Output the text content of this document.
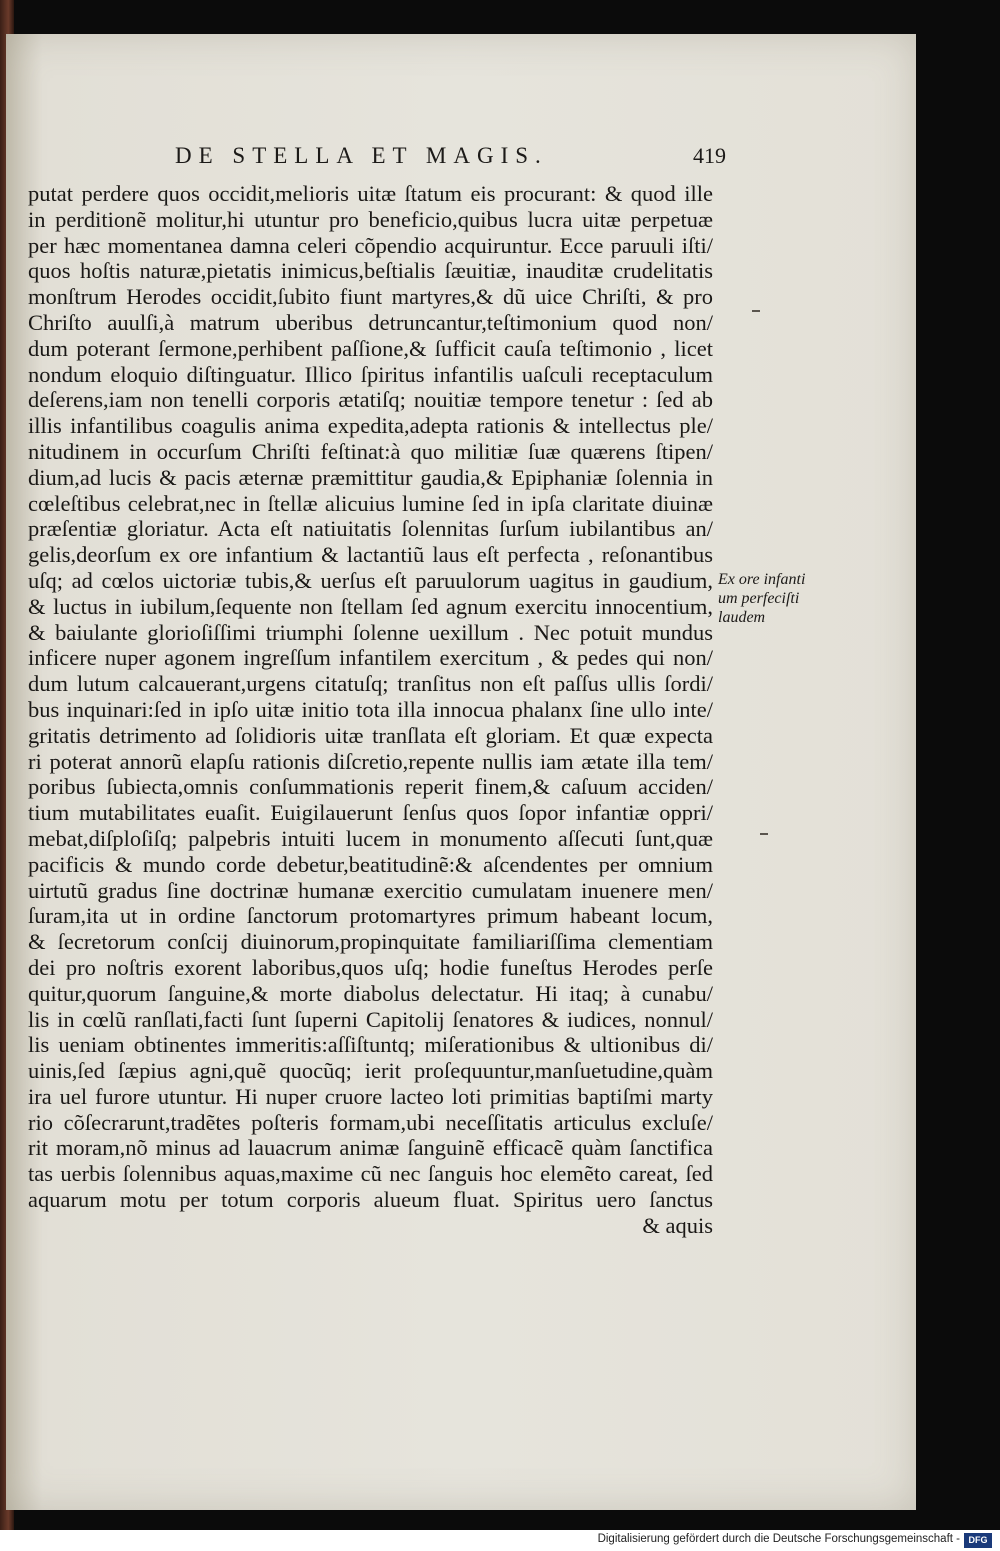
DE STELLA ET MAGIS.	419
putat perdere quos occidit,melioris uitæ ſtatum eis procurant: & quod ille
in perditionẽ molitur,hi utuntur pro beneficio,quibus lucra uitæ perpetuæ
per hæc momentanea damna celeri cõpendio acquiruntur. Ecce paruuli iſti/
quos hoſtis naturæ,pietatis inimicus,beſtialis ſæuitiæ, inauditæ crudelitatis
monſtrum Herodes occidit,ſubito fiunt martyres,& dũ uice Chriſti, & pro
Chriſto auulſi,à matrum uberibus detruncantur,teſtimonium quod non/
dum poterant ſermone,perhibent paſſione,& ſufficit cauſa teſtimonio , licet
nondum eloquio diſtinguatur. Illico ſpiritus infantilis uaſculi receptaculum
deſerens,iam non tenelli corporis ætatiſq; nouitiæ tempore tenetur : ſed ab
illis infantilibus coagulis anima expedita,adepta rationis & intellectus ple/
nitudinem in occurſum Chriſti feſtinat:à quo militiæ ſuæ quærens ſtipen/
dium,ad lucis & pacis æternæ præmittitur gaudia,& Epiphaniæ ſolennia in
cœleſtibus celebrat,nec in ſtellæ alicuius lumine ſed in ipſa claritate diuinæ
præſentiæ gloriatur. Acta eſt natiuitatis ſolennitas ſurſum iubilantibus an/
gelis,deorſum ex ore infantium & lactantiũ laus eſt perfecta , reſonantibus
uſq; ad cœlos uictoriæ tubis,& uerſus eſt paruulorum uagitus in gaudium,
& luctus in iubilum,ſequente non ſtellam ſed agnum exercitu innocentium,
& baiulante glorioſiſſimi triumphi ſolenne uexillum . Nec potuit mundus
inficere nuper agonem ingreſſum infantilem exercitum , & pedes qui non/
dum lutum calcauerant,urgens citatuſq; tranſitus non eſt paſſus ullis ſordi/
bus inquinari:ſed in ipſo uitæ initio tota illa innocua phalanx ſine ullo inte/
gritatis detrimento ad ſolidioris uitæ tranſlata eſt gloriam. Et quæ expecta
ri poterat annorũ elapſu rationis diſcretio,repente nullis iam ætate illa tem/
poribus ſubiecta,omnis conſummationis reperit finem,& caſuum acciden/
tium mutabilitates euaſit. Euigilauerunt ſenſus quos ſopor infantiæ oppri/
mebat,diſploſiſq; palpebris intuiti lucem in monumento aſſecuti ſunt,quæ
pacificis & mundo corde debetur,beatitudinẽ:& aſcendentes per omnium
uirtutũ gradus ſine doctrinæ humanæ exercitio cumulatam inuenere men/
ſuram,ita ut in ordine ſanctorum protomartyres primum habeant locum,
& ſecretorum conſcij diuinorum,propinquitate familiariſſima clementiam
dei pro noſtris exorent laboribus,quos uſq; hodie funeſtus Herodes perſe
quitur,quorum ſanguine,& morte diabolus delectatur. Hi itaq; à cunabu/
lis in cœlũ ranſlati,facti ſunt ſuperni Capitolij ſenatores & iudices, nonnul/
lis ueniam obtinentes immeritis:aſſiſtuntq; miſerationibus & ultionibus di/
uinis,ſed ſæpius agni,quẽ quocũq; ierit proſequuntur,manſuetudine,quàm
ira uel furore utuntur. Hi nuper cruore lacteo loti primitias baptiſmi marty
rio cõſecrarunt,tradẽtes poſteris formam,ubi neceſſitatis articulus excluſe/
rit moram,nõ minus ad lauacrum animæ ſanguinẽ efficacẽ quàm ſanctifica
tas uerbis ſolennibus aquas,maxime cũ nec ſanguis hoc elemẽto careat, ſed
aquarum motu per totum corporis alueum fluat. Spiritus uero ſanctus
& aquis
Ex ore infanti
um perfeciſti
laudem
Digitalisierung gefördert durch die Deutsche Forschungsgemeinschaft - DFG
